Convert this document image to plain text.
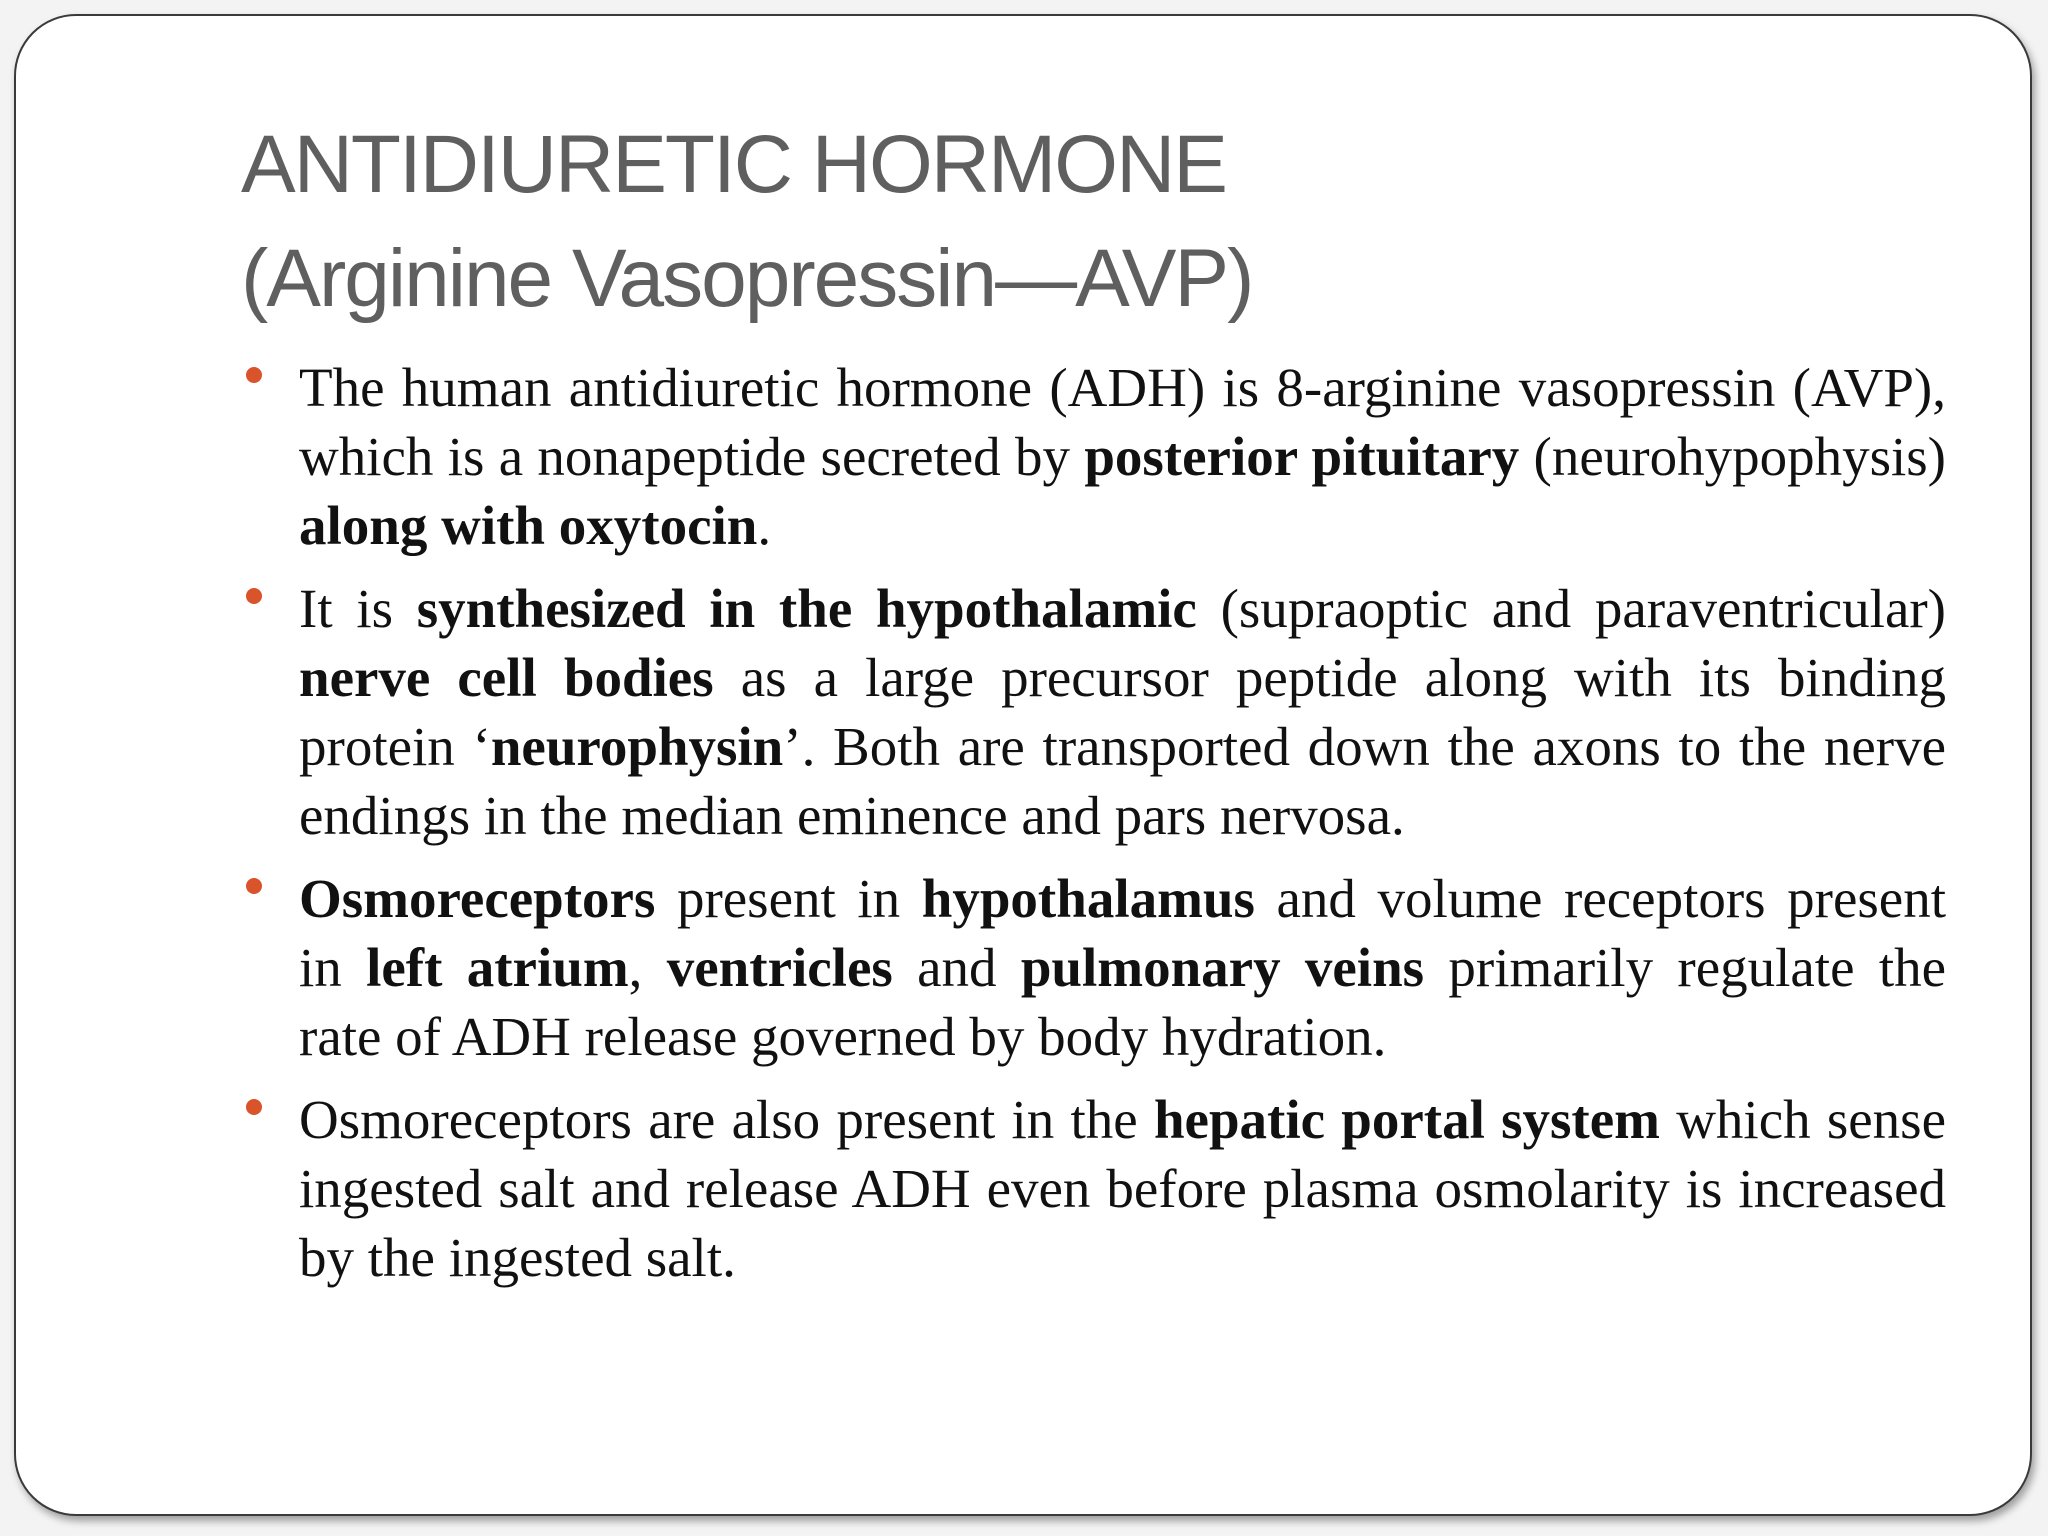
ANTIDIURETIC HORMONE
(Arginine Vasopressin—AVP)
The human antidiuretic hormone (ADH) is 8-arginine vasopressin (AVP), which is a nonapeptide secreted by posterior pituitary (neurohypophysis) along with oxytocin.
It is synthesized in the hypothalamic (supraoptic and paraventricular) nerve cell bodies as a large precursor peptide along with its binding protein ‘neurophysin’. Both are transported down the axons to the nerve endings in the median eminence and pars nervosa.
Osmoreceptors present in hypothalamus and volume receptors present in left atrium, ventricles and pulmonary veins primarily regulate the rate of ADH release governed by body hydration.
Osmoreceptors are also present in the hepatic portal system which sense ingested salt and release ADH even before plasma osmolarity is increased by the ingested salt.
